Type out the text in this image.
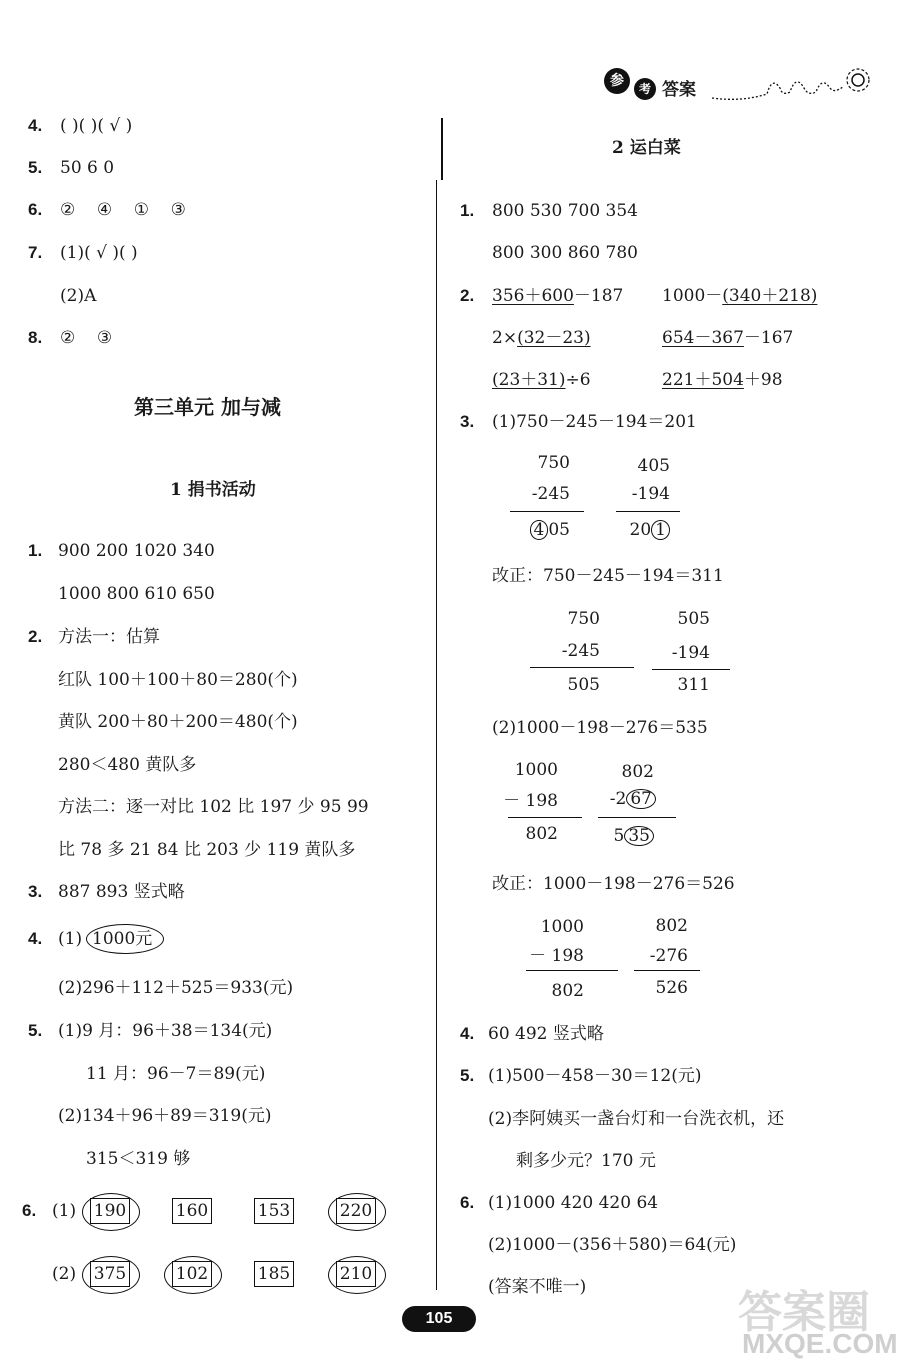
参	考 答案
4. ( )( )( √ )
5. 50 6 0
6. ② ④ ① ③
7. (1)( √ )( )
(2)A
8. ② ③
第三单元 加与减
1 捐书活动
1. 900 200 1020 340
1000 800 610 650
2. 方法一：估算
红队 100＋100＋80＝280(个)
黄队 200＋80＋200＝480(个)
280＜480 黄队多
方法二：逐一对比 102 比 197 少 95 99
比 78 多 21 84 比 203 少 119 黄队多
3. 887 893 竖式略
4. (1) 1000元
(2)296＋112＋525＝933(元)
5. (1)9 月：96＋38＝134(元)
11 月：96－7＝89(元)
(2)134＋96＋89＝319(元)
315＜319 够
6. (1) 190	160	153	220
(2) 375	102	185	210
2 运白菜
1. 800 530 700 354
800 300 860 780
2. 356＋600－187 1000－(340＋218)
2×(32－23)	654－367－167
(23＋31)÷6	221＋504＋98
3. (1)750－245－194＝201
750
-245
4 05
405
-194
20 1
改正：750－245－194＝311
750
-245
505
505
-194
311
(2)1000－198－276＝535
1000
－ 198
802
802
-2 67
5 35
改正：1000－198－276＝526
1000
－ 198
802
802
-276
526
4. 60 492 竖式略
5. (1)500－458－30＝12(元)
(2)李阿姨买一盏台灯和一台洗衣机，还
剩多少元？170 元
6. (1)1000 420 420 64
(2)1000－(356＋580)＝64(元)
(答案不唯一)
105	答案圈
MXQE.COM
